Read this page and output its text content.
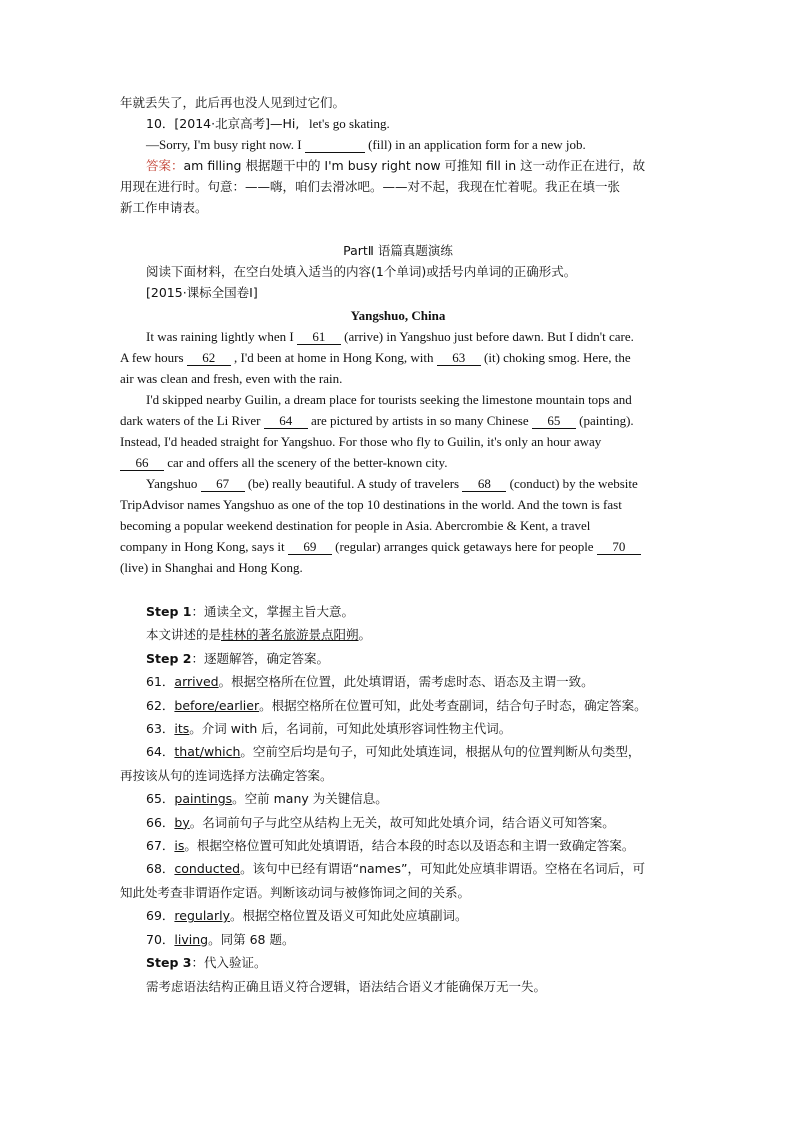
年就丢失了，此后再也没人见到过它们。

10．[2014·北京高考]—Hi, let's go skating.

—Sorry, I'm busy right now. I	(fill) in an application form for a new job.

答案：am filling 根据题干中的 I'm busy right now 可推知 fill in 这一动作正在进行，故

用现在进行时。句意：——嗨，咱们去滑冰吧。——对不起，我现在忙着呢。我正在填一张

新工作申请表。

PartⅡ 语篇真题演练

阅读下面材料，在空白处填入适当的内容(1个单词)或括号内单词的正确形式。

[2015·课标全国卷Ⅰ]

Yangshuo, China

It was raining lightly when I 61 (arrive) in Yangshuo just before dawn. But I didn't care.

A few hours 62 , I'd been at home in Hong Kong, with 63 (it) choking smog. Here, the

air was clean and fresh, even with the rain.

I'd skipped nearby Guilin, a dream place for tourists seeking the limestone mountain tops and

dark waters of the Li River 64 are pictured by artists in so many Chinese 65 (painting).

Instead, I'd headed straight for Yangshuo. For those who fly to Guilin, it's only an hour away

66 car and offers all the scenery of the better-known city.

Yangshuo 67 (be) really beautiful. A study of travelers 68 (conduct) by the website

TripAdvisor names Yangshuo as one of the top 10 destinations in the world. And the town is fast

becoming a popular weekend destination for people in Asia. Abercrombie & Kent, a travel

company in Hong Kong, says it 69 (regular) arranges quick getaways here for people 70

(live) in Shanghai and Hong Kong.

Step 1：通读全文，掌握主旨大意。

本文讲述的是桂林的著名旅游景点阳朔。

Step 2：逐题解答，确定答案。

61．arrived。根据空格所在位置，此处填谓语，需考虑时态、语态及主谓一致。

62．before/earlier。根据空格所在位置可知，此处考查副词，结合句子时态，确定答案。

63．its。介词 with 后，名词前，可知此处填形容词性物主代词。

64．that/which。空前空后均是句子，可知此处填连词，根据从句的位置判断从句类型，

再按该从句的连词选择方法确定答案。

65．paintings。空前 many 为关键信息。

66．by。名词前句子与此空从结构上无关，故可知此处填介词，结合语义可知答案。

67．is。根据空格位置可知此处填谓语，结合本段的时态以及语态和主谓一致确定答案。

68．conducted。该句中已经有谓语“names”，可知此处应填非谓语。空格在名词后，可

知此处考查非谓语作定语。判断该动词与被修饰词之间的关系。

69．regularly。根据空格位置及语义可知此处应填副词。

70．living。同第 68 题。

Step 3：代入验证。

需考虑语法结构正确且语义符合逻辑，语法结合语义才能确保万无一失。
